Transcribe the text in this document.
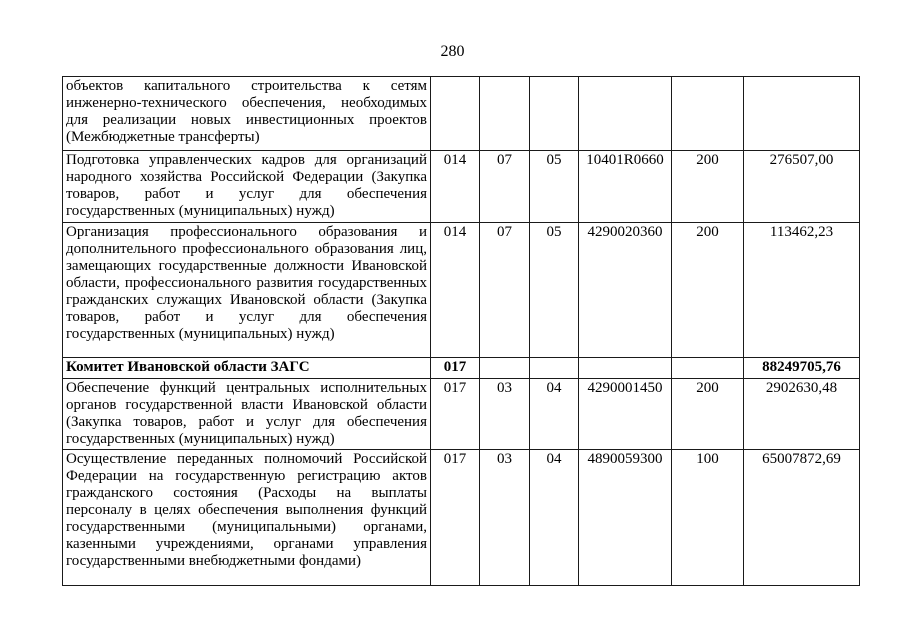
280
объектов капитального строительства к сетям инженерно-технического обеспечения, необходимых для реализации новых инвестиционных проектов (Межбюджетные трансферты)						
Подготовка управленческих кадров для организаций народного хозяйства Российской Федерации (Закупка товаров, работ и услуг для обеспечения государственных (муниципальных) нужд)	014	07	05	10401R0660	200	276507,00
Организация профессионального образования и дополнительного профессионального образования лиц, замещающих государственные должности Ивановской области, профессионального развития государственных гражданских служащих Ивановской области (Закупка товаров, работ и услуг для обеспечения государственных (муниципальных) нужд)	014	07	05	4290020360	200	113462,23
Комитет Ивановской области ЗАГС	017					88249705,76
Обеспечение функций центральных исполнительных органов государственной власти Ивановской области (Закупка товаров, работ и услуг для обеспечения государственных (муниципальных) нужд)	017	03	04	4290001450	200	2902630,48
Осуществление переданных полномочий Российской Федерации на государственную регистрацию актов гражданского состояния (Расходы на выплаты персоналу в целях обеспечения выполнения функций государственными (муниципальными) органами, казенными учреждениями, органами управления государственными внебюджетными фондами)	017	03	04	4890059300	100	65007872,69
